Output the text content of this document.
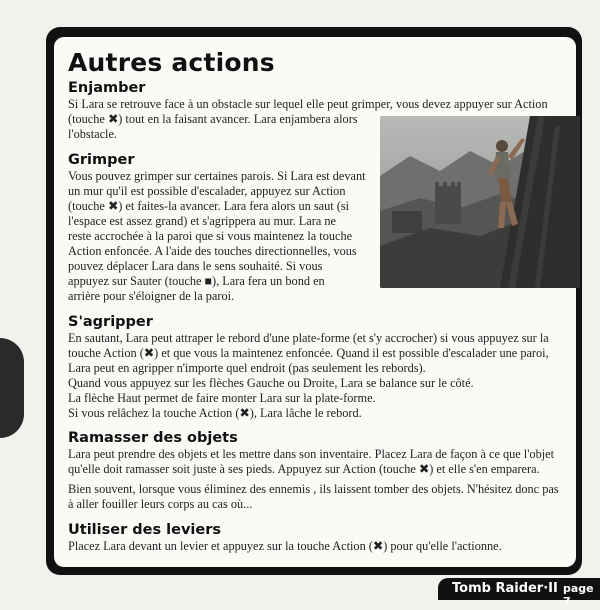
Autres actions
Enjamber

Si Lara se retrouve face à un obstacle sur lequel elle peut grimper, vous devez appuyer sur Action

(touche ✖) tout en la faisant avancer. Lara enjambera alors

l'obstacle.

Grimper

Vous pouvez grimper sur certaines parois. Si Lara est devant

un mur qu'il est possible d'escalader, appuyez sur Action

(touche ✖) et faites-la avancer. Lara fera alors un saut (si

l'espace est assez grand) et s'agrippera au mur. Lara ne

reste accrochée à la paroi que si vous maintenez la touche

Action enfoncée. A l'aide des touches directionnelles, vous

pouvez déplacer Lara dans le sens souhaité. Si vous

appuyez sur Sauter (touche ■), Lara fera un bond en

arrière pour s'éloigner de la paroi.

S'agripper

En sautant, Lara peut attraper le rebord d'une plate-forme (et s'y accrocher) si vous appuyez sur la

touche Action (✖) et que vous la maintenez enfoncée. Quand il est possible d'escalader une paroi,

Lara peut en agripper n'importe quel endroit (pas seulement les rebords).

Quand vous appuyez sur les flèches Gauche ou Droite, Lara se balance sur le côté.

La flèche Haut permet de faire monter Lara sur la plate-forme.

Si vous relâchez la touche Action (✖), Lara lâche le rebord.

Ramasser des objets

Lara peut prendre des objets et les mettre dans son inventaire. Placez Lara de façon à ce que l'objet

qu'elle doit ramasser soit juste à ses pieds. Appuyez sur Action (touche ✖) et elle s'en emparera.

Bien souvent, lorsque vous éliminez des ennemis , ils laissent tomber des objets. N'hésitez donc pas

à aller fouiller leurs corps au cas où...

Utiliser des leviers

Placez Lara devant un levier et appuyez sur la touche Action (✖) pour qu'elle l'actionne.

Tomb Raider·II page 7
